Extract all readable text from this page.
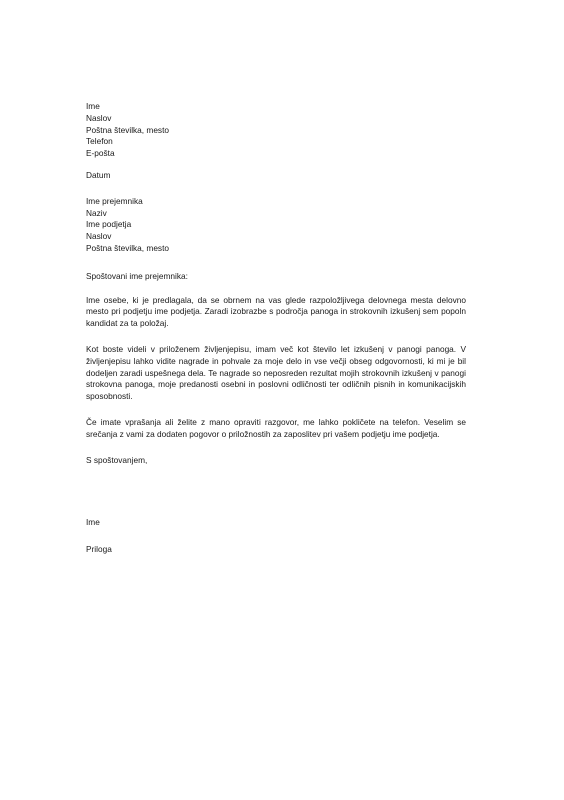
Ime
Naslov
Poštna številka, mesto
Telefon
E-pošta
Datum
Ime prejemnika
Naziv
Ime podjetja
Naslov
Poštna številka, mesto
Spoštovani ime prejemnika:

Ime osebe, ki je predlagala, da se obrnem na vas glede razpoložljivega delovnega mesta delovno mesto pri podjetju ime podjetja. Zaradi izobrazbe s področja panoga in strokovnih izkušenj sem popoln kandidat za ta položaj.

Kot boste videli v priloženem življenjepisu, imam več kot število let izkušenj v panogi panoga. V življenjepisu lahko vidite nagrade in pohvale za moje delo in vse večji obseg odgovornosti, ki mi je bil dodeljen zaradi uspešnega dela. Te nagrade so neposreden rezultat mojih strokovnih izkušenj v panogi strokovna panoga, moje predanosti osebni in poslovni odličnosti ter odličnih pisnih in komunikacijskih sposobnosti.

Če imate vprašanja ali želite z mano opraviti razgovor, me lahko pokličete na telefon. Veselim se srečanja z vami za dodaten pogovor o priložnostih za zaposlitev pri vašem podjetju ime podjetja.

S spoštovanjem,
Ime
Priloga
